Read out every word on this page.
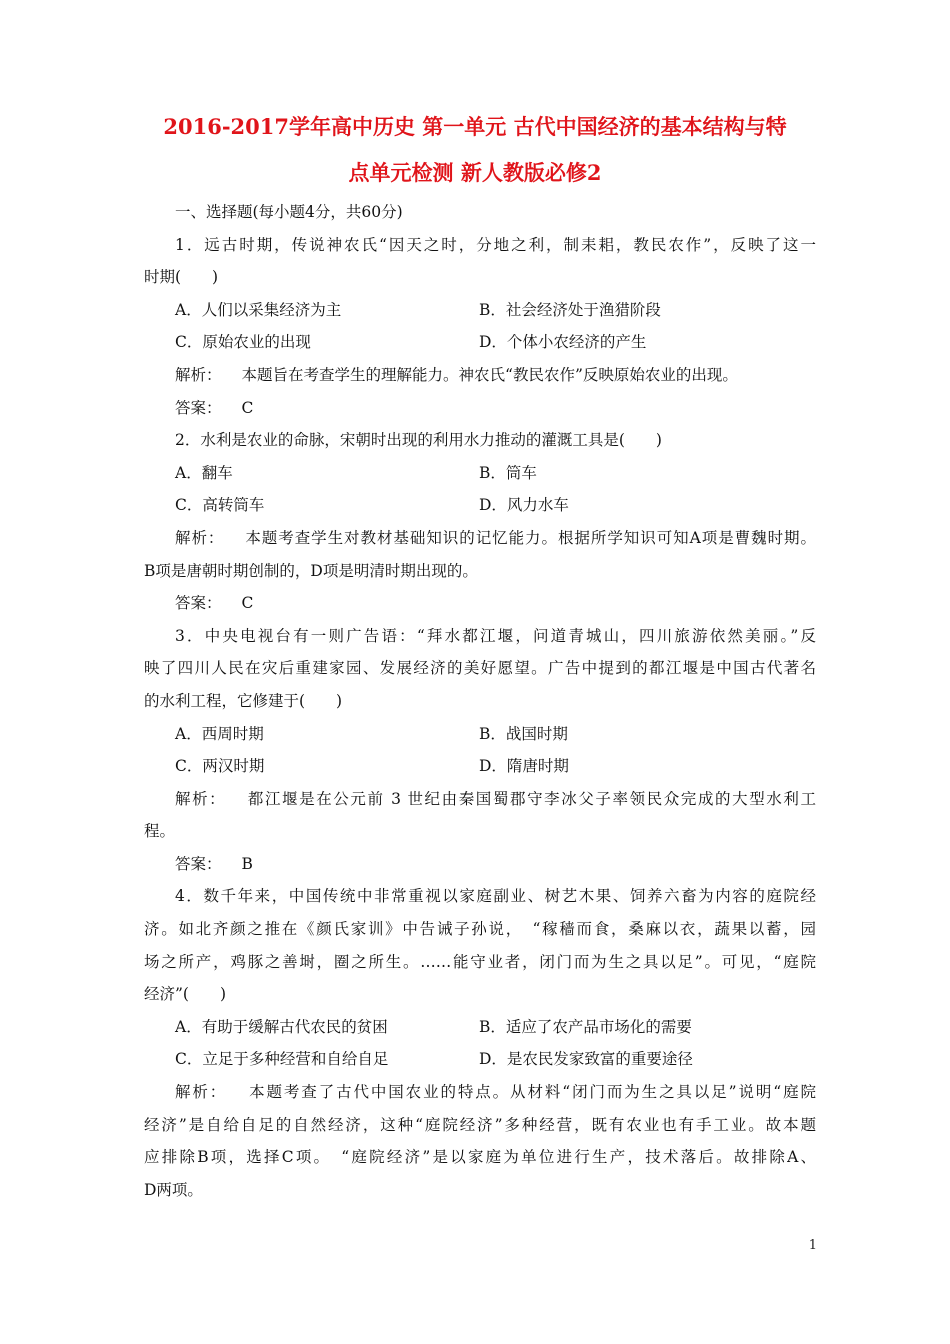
2016-2017学年高中历史 第一单元 古代中国经济的基本结构与特
点单元检测 新人教版必修2
一、选择题(每小题4分，共60分)
1．远古时期，传说神农氏“因天之时，分地之利，制耒耜，教民农作”，反映了这一
时期(　　)
A．人们以采集经济为主	B．社会经济处于渔猎阶段
C．原始农业的出现	D．个体小农经济的产生
解析： 本题旨在考查学生的理解能力。神农氏“教民农作”反映原始农业的出现。
答案： C
2．水利是农业的命脉，宋朝时出现的利用水力推动的灌溉工具是(　　)
A．翻车	B．筒车
C．高转筒车	D．风力水车
解析： 本题考查学生对教材基础知识的记忆能力。根据所学知识可知A项是曹魏时期。
B项是唐朝时期创制的，D项是明清时期出现的。
答案： C
3．中央电视台有一则广告语：“拜水都江堰，问道青城山，四川旅游依然美丽。”反
映了四川人民在灾后重建家园、发展经济的美好愿望。广告中提到的都江堰是中国古代著名
的水利工程，它修建于(　　)
A．西周时期	B．战国时期
C．两汉时期	D．隋唐时期
解析： 都江堰是在公元前 3 世纪由秦国蜀郡守李冰父子率领民众完成的大型水利工
程。
答案： B
4．数千年来，中国传统中非常重视以家庭副业、树艺木果、饲养六畜为内容的庭院经
济。如北齐颜之推在《颜氏家训》中告诫子孙说，　“稼穑而食，桑麻以衣，蔬果以蓄，园
场之所产，鸡豚之善埘，圈之所生。……能守业者，闭门而为生之具以足”。可见，“庭院
经济”(　　)
A．有助于缓解古代农民的贫困	B．适应了农产品市场化的需要
C．立足于多种经营和自给自足	D．是农民发家致富的重要途径
解析： 本题考查了古代中国农业的特点。从材料“闭门而为生之具以足”说明“庭院
经济”是自给自足的自然经济，这种“庭院经济”多种经营，既有农业也有手工业。故本题
应排除B项，选择C项。　“庭院经济”是以家庭为单位进行生产，技术落后。故排除A、
D两项。
1
